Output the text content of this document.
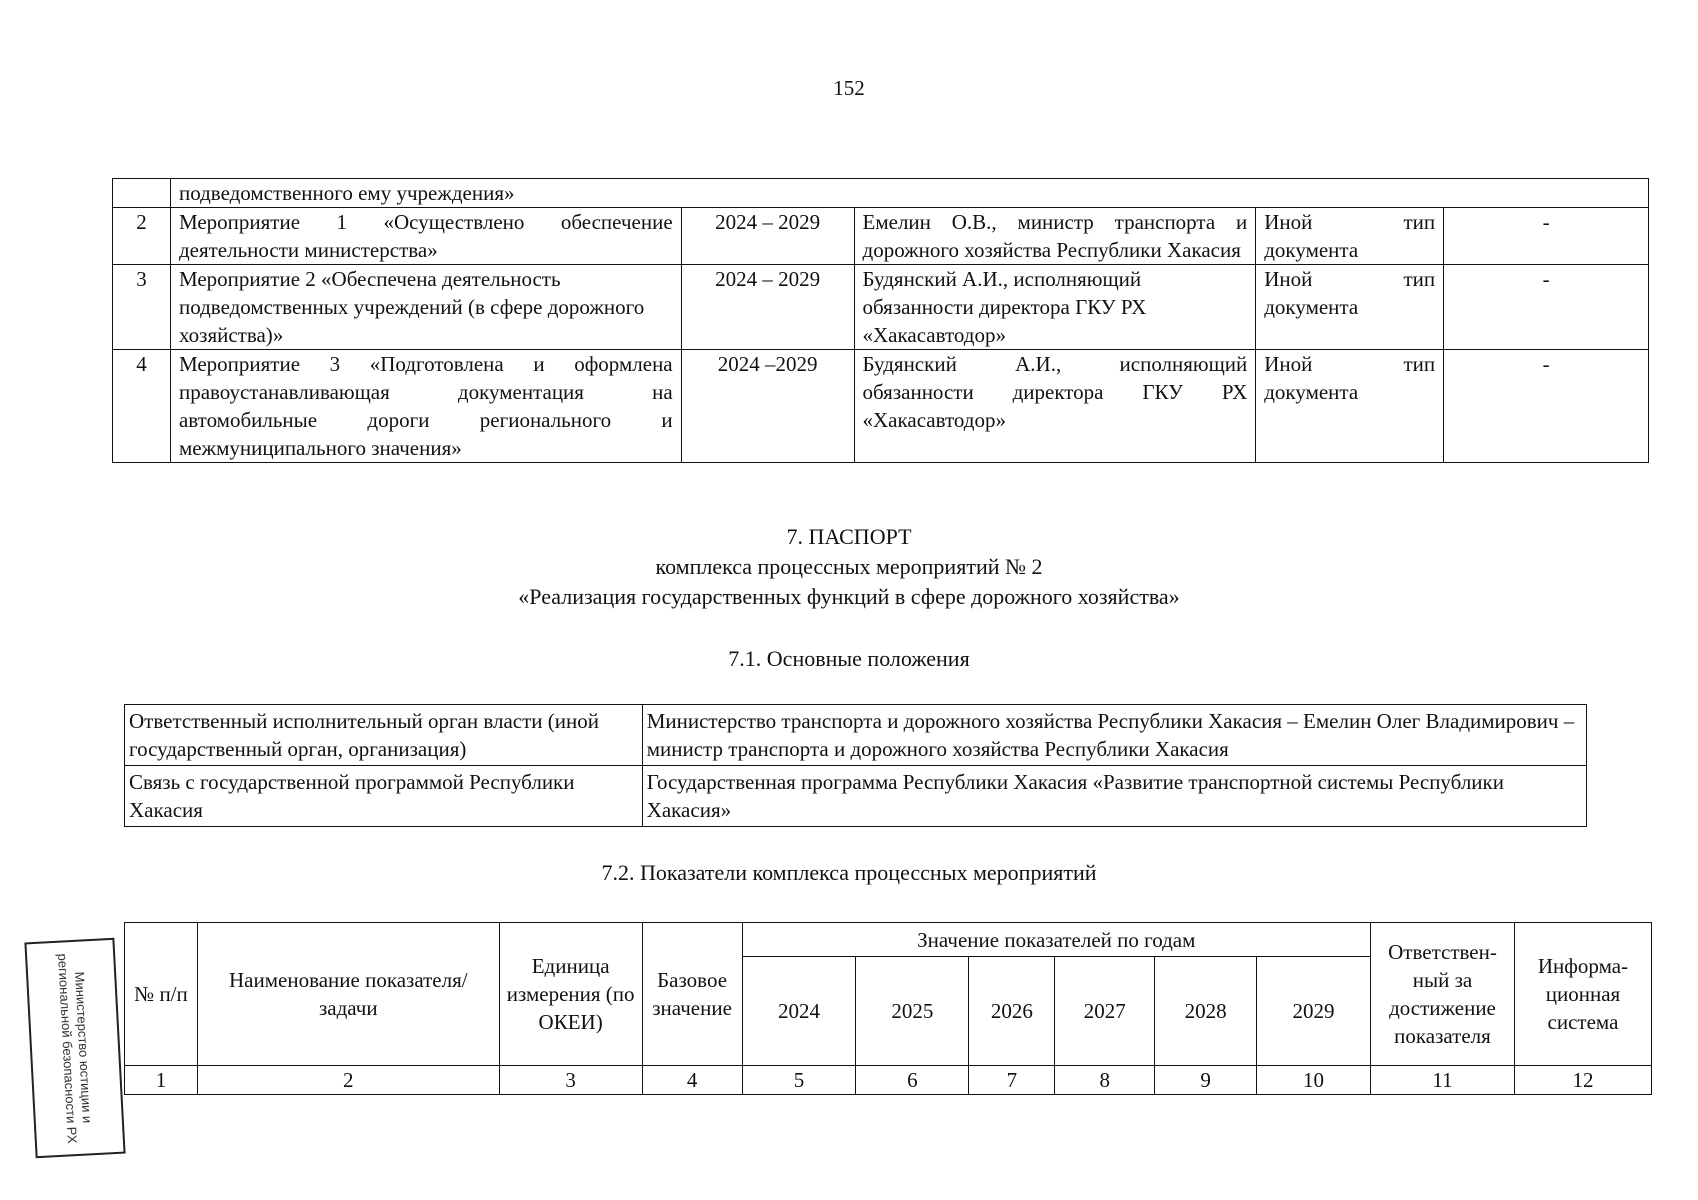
152
	подведомственного ему учреждения»				
2	Мероприятие 1 «Осуществлено обеспечение деятельности министерства»	2024 – 2029	Емелин О.В., министр транспорта и дорожного хозяйства Республики Хакасия	Иной тип документа	-
3	Мероприятие 2 «Обеспечена деятельность подведомственных учреждений (в сфере дорожного хозяйства)»	2024 – 2029	Будянский А.И., исполняющий обязанности директора ГКУ РХ «Хакасавтодор»	Иной тип документа	-
4	Мероприятие 3 «Подготовлена и оформлена правоустанавливающая документация на автомобильные дороги регионального и межмуниципального значения»	2024 –2029	Будянский А.И., исполняющий обязанности директора ГКУ РХ «Хакасавтодор»	Иной тип документа	-
7. ПАСПОРТ
комплекса процессных мероприятий № 2
«Реализация государственных функций в сфере дорожного хозяйства»
7.1. Основные положения
Ответственный исполнительный орган власти (иной государственный орган, организация)	Министерство транспорта и дорожного хозяйства Республики Хакасия – Емелин Олег Владимирович – министр транспорта и дорожного хозяйства Республики Хакасия
Связь с государственной программой Республики Хакасия	Государственная программа Республики Хакасия «Развитие транспортной системы Республики Хакасия»
7.2. Показатели комплекса процессных мероприятий
№ п/п	Наименование показателя/ задачи	Единица измерения (по ОКЕИ)	Базовое значение	Значение показателей по годам						Ответствен-ный за достижение показателя	Информа-ционная система
				2024	2025	2026	2027	2028	2029		
1	2	3	4	5	6	7	8	9	10	11	12
Министерство юстиции и региональной безопасности РХ
